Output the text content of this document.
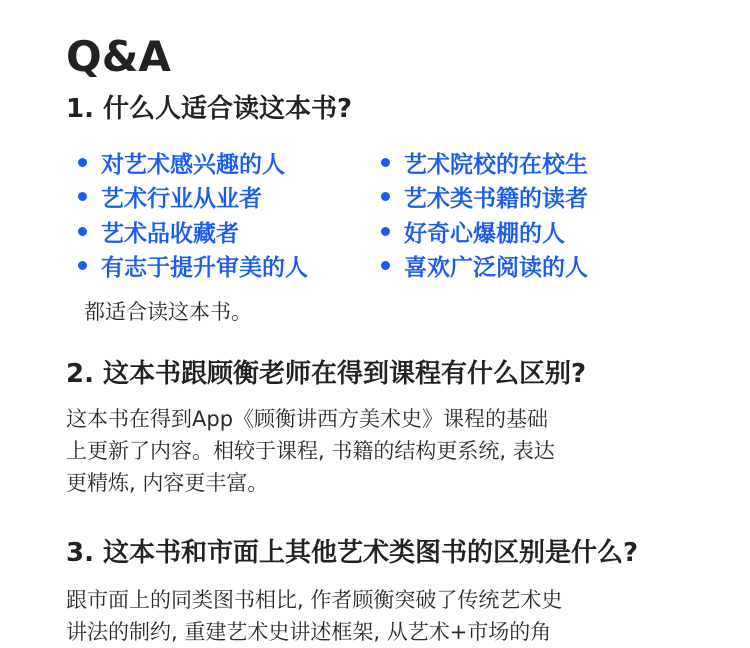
Q&A
1. 什么人适合读这本书?
对艺术感兴趣的人	艺术院校的在校生
艺术行业从业者	艺术类书籍的读者
艺术品收藏者	好奇心爆棚的人
有志于提升审美的人	喜欢广泛阅读的人
都适合读这本书。
2. 这本书跟顾衡老师在得到课程有什么区别?
这本书在得到App《顾衡讲西方美术史》课程的基础
上更新了内容。相较于课程, 书籍的结构更系统, 表达
更精炼, 内容更丰富。
3. 这本书和市面上其他艺术类图书的区别是什么?
跟市面上的同类图书相比, 作者顾衡突破了传统艺术史
讲法的制约, 重建艺术史讲述框架, 从艺术+市场的角
